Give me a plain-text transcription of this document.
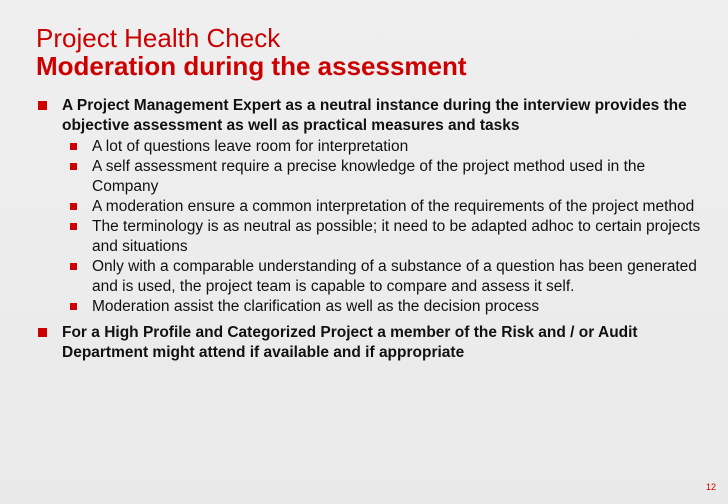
Project Health Check
Moderation during the assessment

A Project Management Expert as a neutral instance during the interview provides the objective assessment as well as practical measures and tasks

A lot of questions leave room for interpretation

A self assessment require a precise knowledge of the project method used in the Company

A moderation ensure a common interpretation of the requirements of the project method

The terminology is as neutral as possible; it need to be adapted adhoc to certain projects and situations

Only with a comparable understanding of a substance of a question has been generated and is used, the project team is capable to compare and assess it self.

Moderation assist the clarification as well as the decision process

For a High Profile and Categorized Project a member of the Risk and / or Audit Department might attend if available and if appropriate

12
